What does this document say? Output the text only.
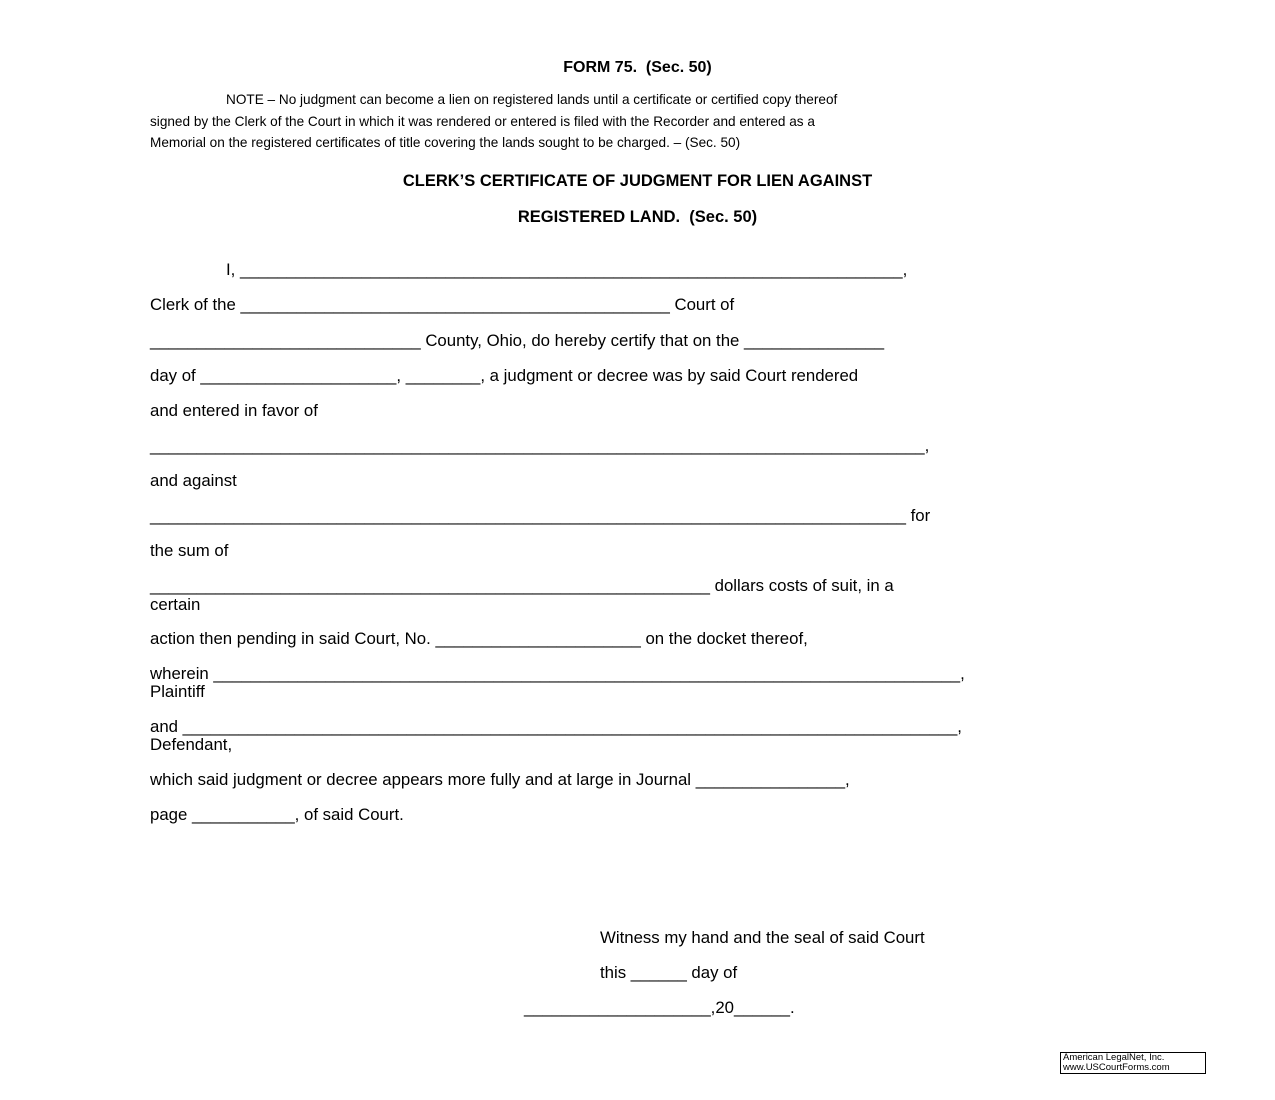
FORM 75.  (Sec. 50)
NOTE – No judgment can become a lien on registered lands until a certificate or certified copy thereof
signed by the Clerk of the Court in which it was rendered or entered is filed with the Recorder and entered as a
Memorial on the registered certificates of title covering the lands sought to be charged. – (Sec. 50)
CLERK’S CERTIFICATE OF JUDGMENT FOR LIEN AGAINST
REGISTERED LAND.  (Sec. 50)
I, _______________________________________________________________________,
Clerk of the ______________________________________________ Court of
_____________________________ County, Ohio, do hereby certify that on the _______________
day of _____________________, ________, a judgment or decree was by said Court rendered
and entered in favor of
___________________________________________________________________________________,
and against
_________________________________________________________________________________ for
the sum of
____________________________________________________________ dollars costs of suit, in a
certain
action then pending in said Court, No. ______________________ on the docket thereof,
wherein ________________________________________________________________________________,
Plaintiff
and ___________________________________________________________________________________,
Defendant,
which said judgment or decree appears more fully and at large in Journal ________________,
page ___________, of said Court.
Witness my hand and the seal of said Court
this ______ day of
____________________,20______.
American LegalNet, Inc.
www.USCourtForms.com
